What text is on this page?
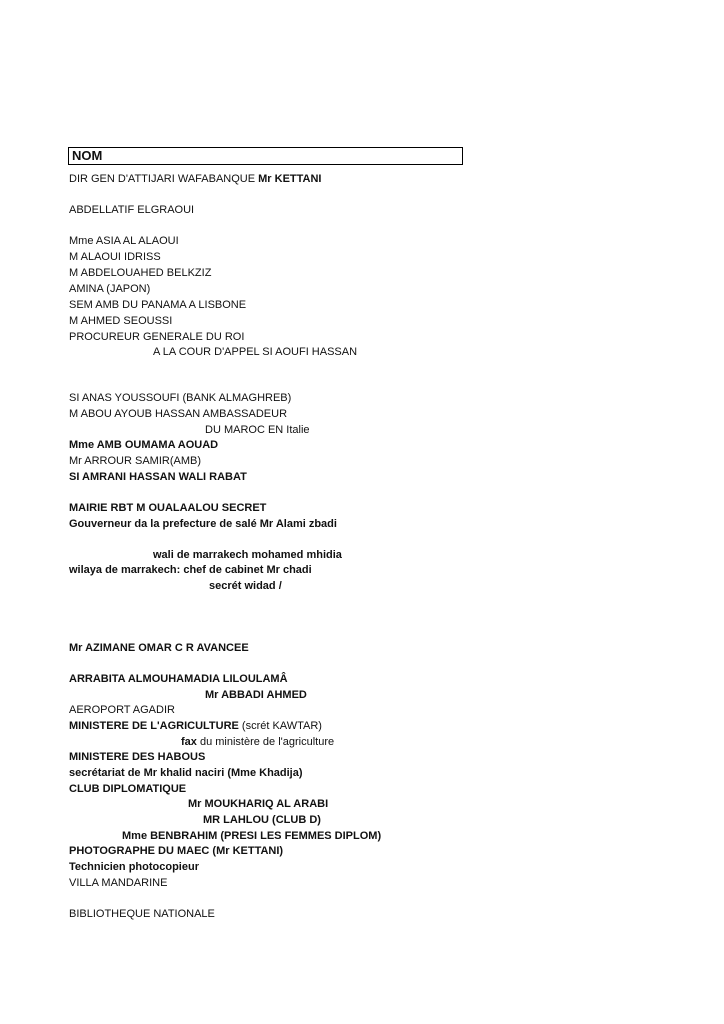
NOM
DIR GEN D'ATTIJARI WAFABANQUE Mr KETTANI
ABDELLATIF ELGRAOUI
Mme ASIA AL ALAOUI
M ALAOUI IDRISS
M ABDELOUAHED BELKZIZ
AMINA (JAPON)
SEM AMB DU PANAMA A LISBONE
M AHMED SEOUSSI
PROCUREUR GENERALE DU ROI
A LA COUR D'APPEL SI AOUFI HASSAN
SI ANAS YOUSSOUFI (BANK ALMAGHREB)
M ABOU AYOUB HASSAN AMBASSADEUR
DU MAROC EN Italie
Mme AMB OUMAMA AOUAD
Mr ARROUR SAMIR(AMB)
SI AMRANI HASSAN WALI RABAT
MAIRIE RBT M OUALAALOU SECRET
Gouverneur da la prefecture de salé Mr Alami zbadi
wali de marrakech mohamed mhidia
wilaya de marrakech: chef de cabinet Mr chadi
secrét widad /
Mr AZIMANE OMAR C R AVANCEE
ARRABITA ALMOUHAMADIA LILOULAMÂ
Mr ABBADI AHMED
AEROPORT AGADIR
MINISTERE DE L'AGRICULTURE (scrét KAWTAR)
fax du ministère de l'agriculture
MINISTERE DES HABOUS
secrétariat de Mr khalid naciri (Mme Khadija)
CLUB DIPLOMATIQUE
Mr MOUKHARIQ AL ARABI
MR LAHLOU (CLUB D)
Mme BENBRAHIM (PRESI LES FEMMES DIPLOM)
PHOTOGRAPHE DU MAEC (Mr KETTANI)
Technicien photocopieur
VILLA MANDARINE
BIBLIOTHEQUE NATIONALE
